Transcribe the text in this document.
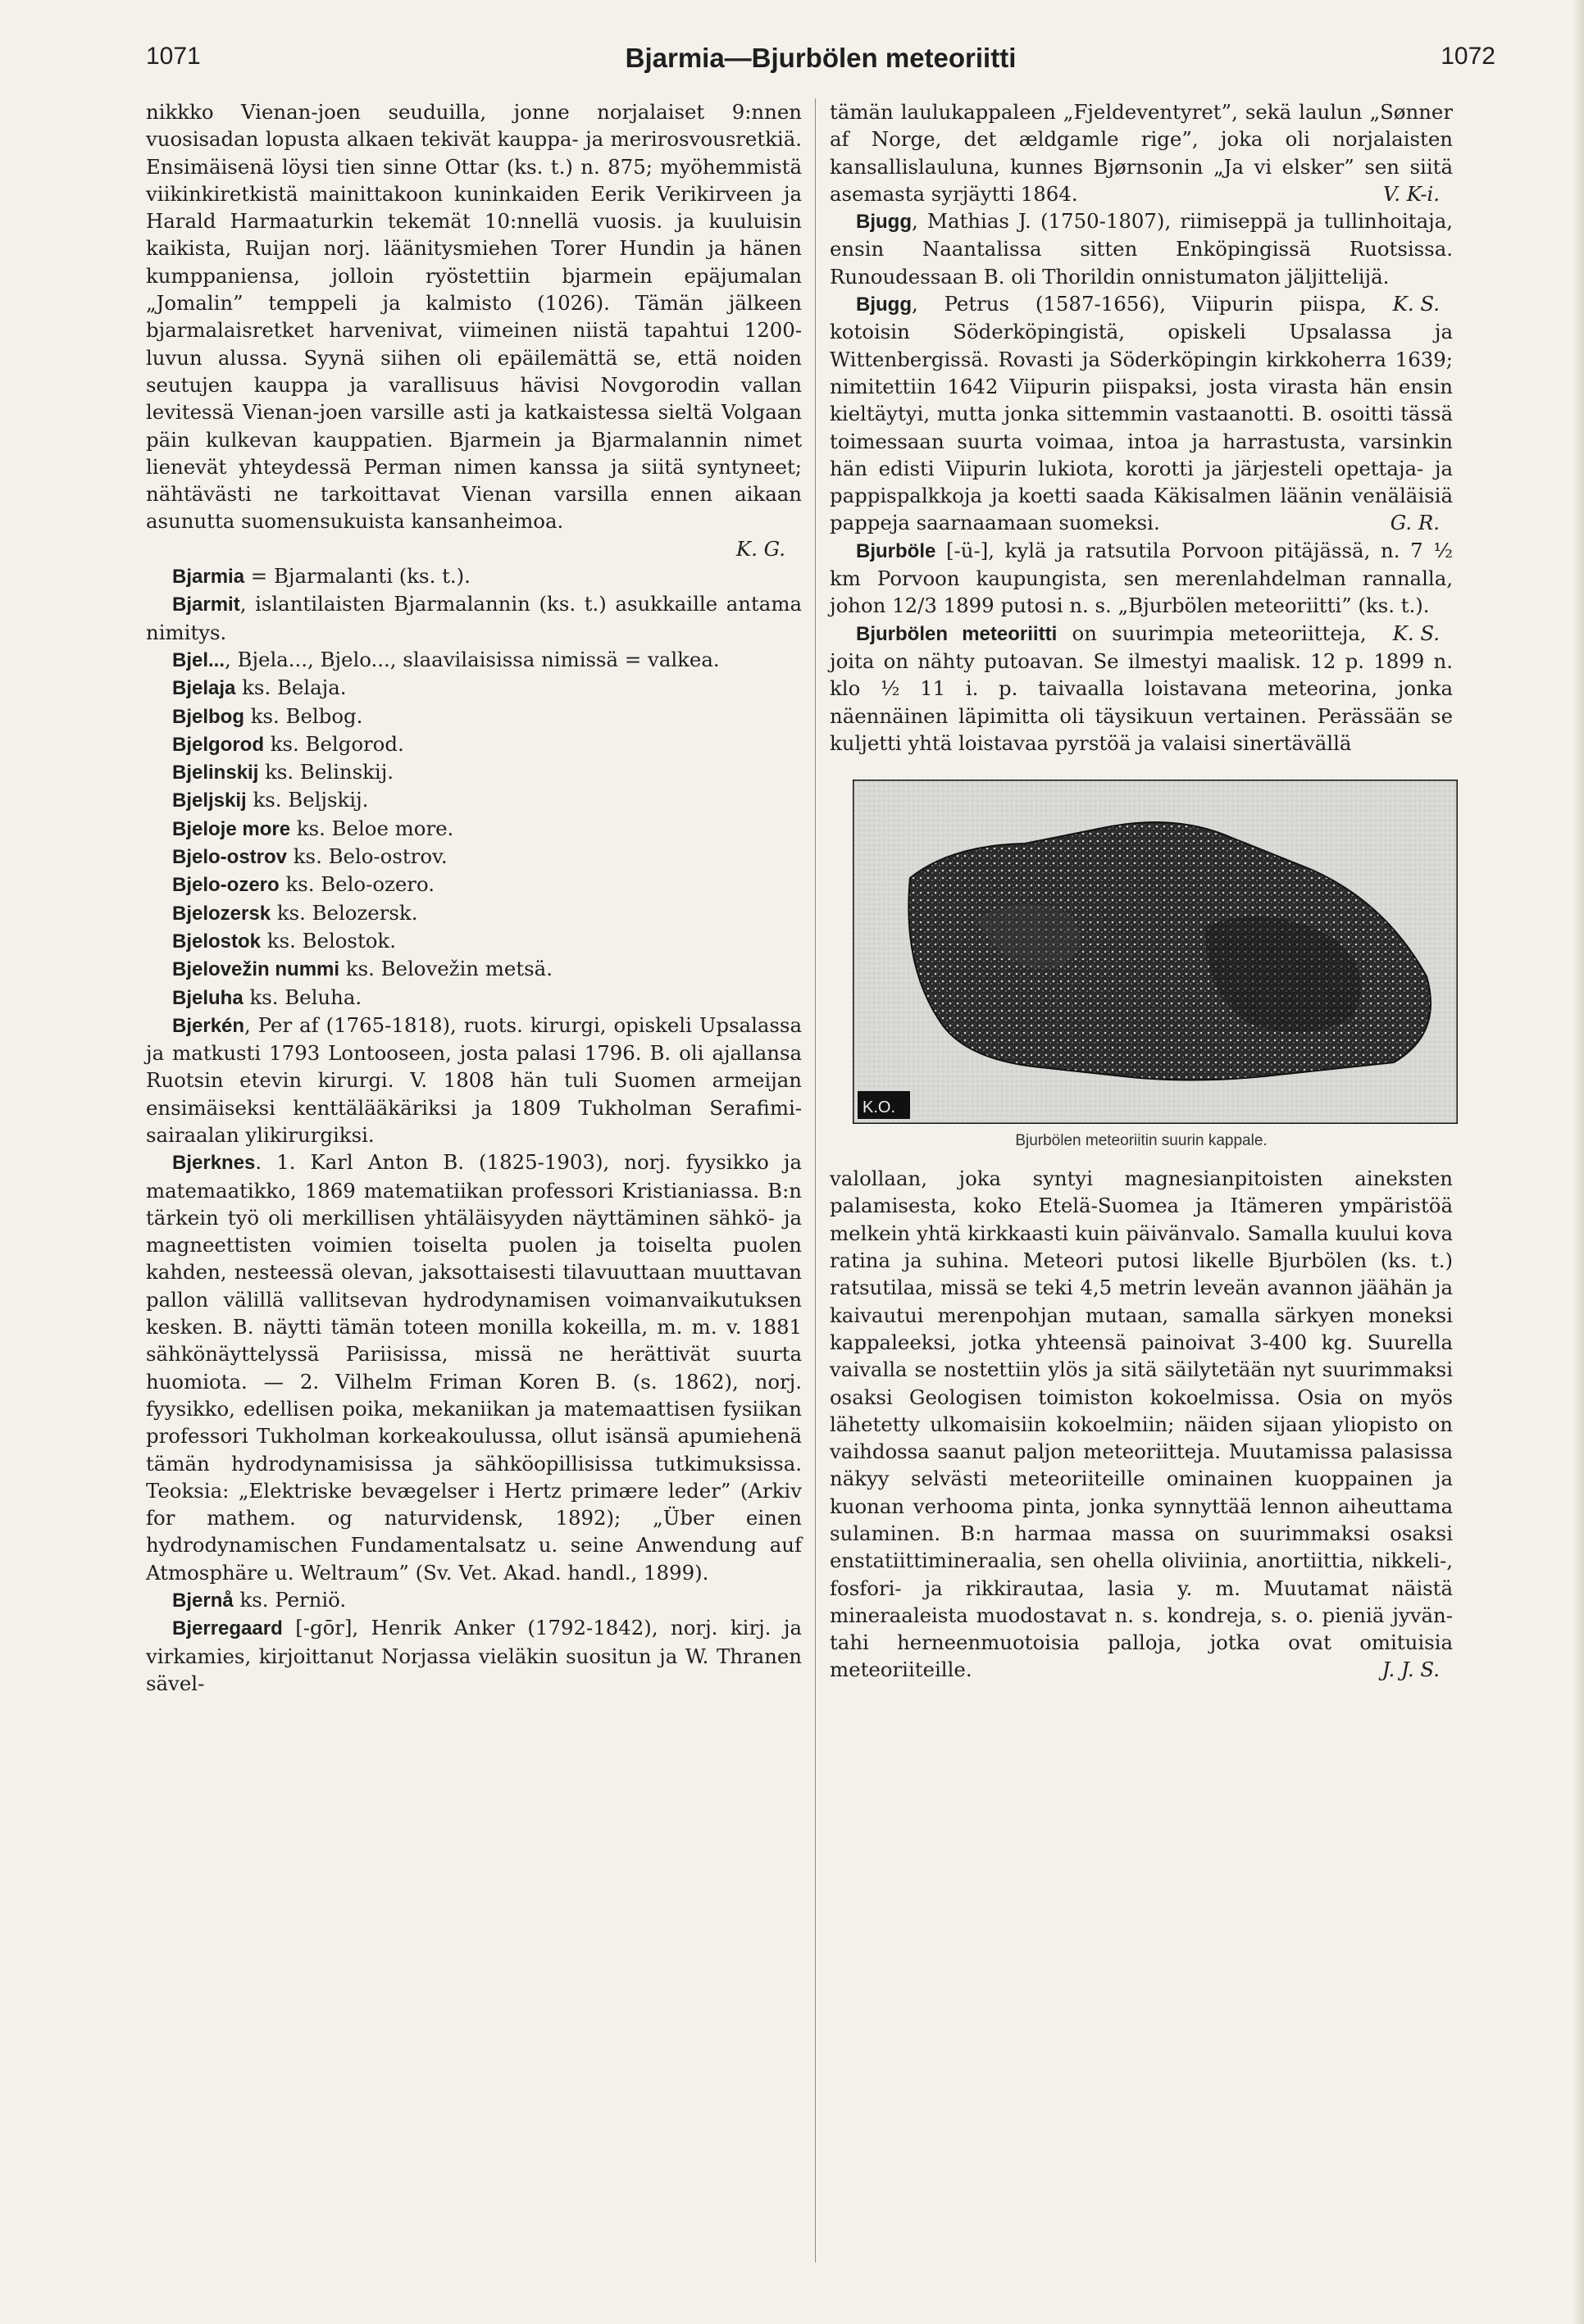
1071	Bjarmia—Bjurbölen meteoriitti	1072

nikkko Vienan-joen seuduilla, jonne norjalaiset 9:nnen vuosisadan lopusta alkaen tekivät kauppa- ja merirosvousretkiä. Ensimäisenä löysi tien sinne Ottar (ks. t.) n. 875; myöhemmistä viikinkiretkistä mainittakoon kuninkaiden Eerik Verikirveen ja Harald Harmaaturkin tekemät 10:nnellä vuosis. ja kuuluisin kaikista, Ruijan norj. läänitysmiehen Torer Hundin ja hänen kumppaniensa, jolloin ryöstettiin bjarmein epäjumalan „Jomalin” temppeli ja kalmisto (1026). Tämän jälkeen bjarmalaisretket harvenivat, viimeinen niistä tapahtui 1200-luvun alussa. Syynä siihen oli epäilemättä se, että noiden seutujen kauppa ja varallisuus hävisi Novgorodin vallan levitessä Vienan-joen varsille asti ja katkaistessa sieltä Volgaan päin kulkevan kauppatien. Bjarmein ja Bjarmalannin nimet lienevät yhteydessä Perman nimen kanssa ja siitä syntyneet; nähtävästi ne tarkoittavat Vienan varsilla ennen aikaan asunutta suomensukuista kansanheimoa.
K. G.

Bjarmia = Bjarmalanti (ks. t.).

Bjarmit, islantilaisten Bjarmalannin (ks. t.) asukkaille antama nimitys.

Bjel..., Bjela..., Bjelo..., slaavilaisissa nimissä = valkea.

Bjelaja ks. Belaja.

Bjelbog ks. Belbog.

Bjelgorod ks. Belgorod.

Bjelinskij ks. Belinskij.

Bjeljskij ks. Beljskij.

Bjeloje more ks. Beloe more.

Bjelo-ostrov ks. Belo-ostrov.

Bjelo-ozero ks. Belo-ozero.

Bjelozersk ks. Belozersk.

Bjelostok ks. Belostok.

Bjelovežin nummi ks. Belovežin metsä.

Bjeluha ks. Beluha.

Bjerkén, Per af (1765-1818), ruots. kirurgi, opiskeli Upsalassa ja matkusti 1793 Lontooseen, josta palasi 1796. B. oli ajallansa Ruotsin etevin kirurgi. V. 1808 hän tuli Suomen armeijan ensimäiseksi kenttälääkäriksi ja 1809 Tukholman Serafimi-sairaalan ylikirurgiksi.

Bjerknes. 1. Karl Anton B. (1825-1903), norj. fyysikko ja matemaatikko, 1869 matematiikan professori Kristianiassa. B:n tärkein työ oli merkillisen yhtäläisyyden näyttäminen sähkö- ja magneettisten voimien toiselta puolen ja toiselta puolen kahden, nesteessä olevan, jaksottaisesti tilavuuttaan muuttavan pallon välillä vallitsevan hydrodynamisen voimanvaikutuksen kesken. B. näytti tämän toteen monilla kokeilla, m. m. v. 1881 sähkönäyttelyssä Pariisissa, missä ne herättivät suurta huomiota. — 2. Vilhelm Friman Koren B. (s. 1862), norj. fyysikko, edellisen poika, mekaniikan ja matemaattisen fysiikan professori Tukholman korkeakoulussa, ollut isänsä apumiehenä tämän hydrodynamisissa ja sähköopillisissa tutkimuksissa. Teoksia: „Elektriske bevægelser i Hertz primære leder” (Arkiv for mathem. og naturvidensk, 1892); „Über einen hydrodynamischen Fundamentalsatz u. seine Anwendung auf Atmosphäre u. Weltraum” (Sv. Vet. Akad. handl., 1899).

Bjernå ks. Perniö.

Bjerregaard [-gōr], Henrik Anker (1792-1842), norj. kirj. ja virkamies, kirjoittanut Norjassa vieläkin suositun ja W. Thranen sävel-

tämän laulukappaleen „Fjeldeventyret”, sekä laulun „Sønner af Norge, det ældgamle rige”, joka oli norjalaisten kansallislauluna, kunnes Bjørnsonin „Ja vi elsker” sen siitä asemasta syrjäytti 1864.	V. K-i.

Bjugg, Mathias J. (1750-1807), riimiseppä ja tullinhoitaja, ensin Naantalissa sitten Enköpingissä Ruotsissa. Runoudessaan B. oli Thorildin onnistumaton jäljittelijä.
K. S.

Bjugg, Petrus (1587-1656), Viipurin piispa, kotoisin Söderköpingistä, opiskeli Upsalassa ja Wittenbergissä. Rovasti ja Söderköpingin kirkkoherra 1639; nimitettiin 1642 Viipurin piispaksi, josta virasta hän ensin kieltäytyi, mutta jonka sittemmin vastaanotti. B. osoitti tässä toimessaan suurta voimaa, intoa ja harrastusta, varsinkin hän edisti Viipurin lukiota, korotti ja järjesteli opettaja- ja pappispalkkoja ja koetti saada Käkisalmen läänin venäläisiä pappeja saarnaamaan suomeksi.	G. R.

Bjurböle [-ü-], kylä ja ratsutila Porvoon pitäjässä, n. 7 ½ km Porvoon kaupungista, sen merenlahdelman rannalla, johon 12/3 1899 putosi n. s. „Bjurbölen meteoriitti” (ks. t.).
K. S.

Bjurbölen meteoriitti on suurimpia meteoriitteja, joita on nähty putoavan. Se ilmestyi maalisk. 12 p. 1899 n. klo ½ 11 i. p. taivaalla loistavana meteorina, jonka näennäinen läpimitta oli täysikuun vertainen. Perässään se kuljetti yhtä loistavaa pyrstöä ja valaisi sinertävällä

K.O.
Bjurbölen meteoriitin suurin kappale.

valollaan, joka syntyi magnesianpitoisten aineksten palamisesta, koko Etelä-Suomea ja Itämeren ympäristöä melkein yhtä kirkkaasti kuin päivänvalo. Samalla kuului kova ratina ja suhina. Meteori putosi likelle Bjurbölen (ks. t.) ratsutilaa, missä se teki 4,5 metrin leveän avannon jäähän ja kaivautui merenpohjan mutaan, samalla särkyen moneksi kappaleeksi, jotka yhteensä painoivat 3-400 kg. Suurella vaivalla se nostettiin ylös ja sitä säilytetään nyt suurimmaksi osaksi Geologisen toimiston kokoelmissa. Osia on myös lähetetty ulkomaisiin kokoelmiin; näiden sijaan yliopisto on vaihdossa saanut paljon meteoriitteja. Muutamissa palasissa näkyy selvästi meteoriiteille ominainen kuoppainen ja kuonan verhooma pinta, jonka synnyttää lennon aiheuttama sulaminen. B:n harmaa massa on suurimmaksi osaksi enstatiittimineraalia, sen ohella oliviinia, anortiittia, nikkeli-, fosfori- ja rikkirautaa, lasia y. m. Muutamat näistä mineraaleista muodostavat n. s. kondreja, s. o. pieniä jyvän- tahi herneenmuotoisia palloja, jotka ovat omituisia meteoriiteille.	J. J. S.
